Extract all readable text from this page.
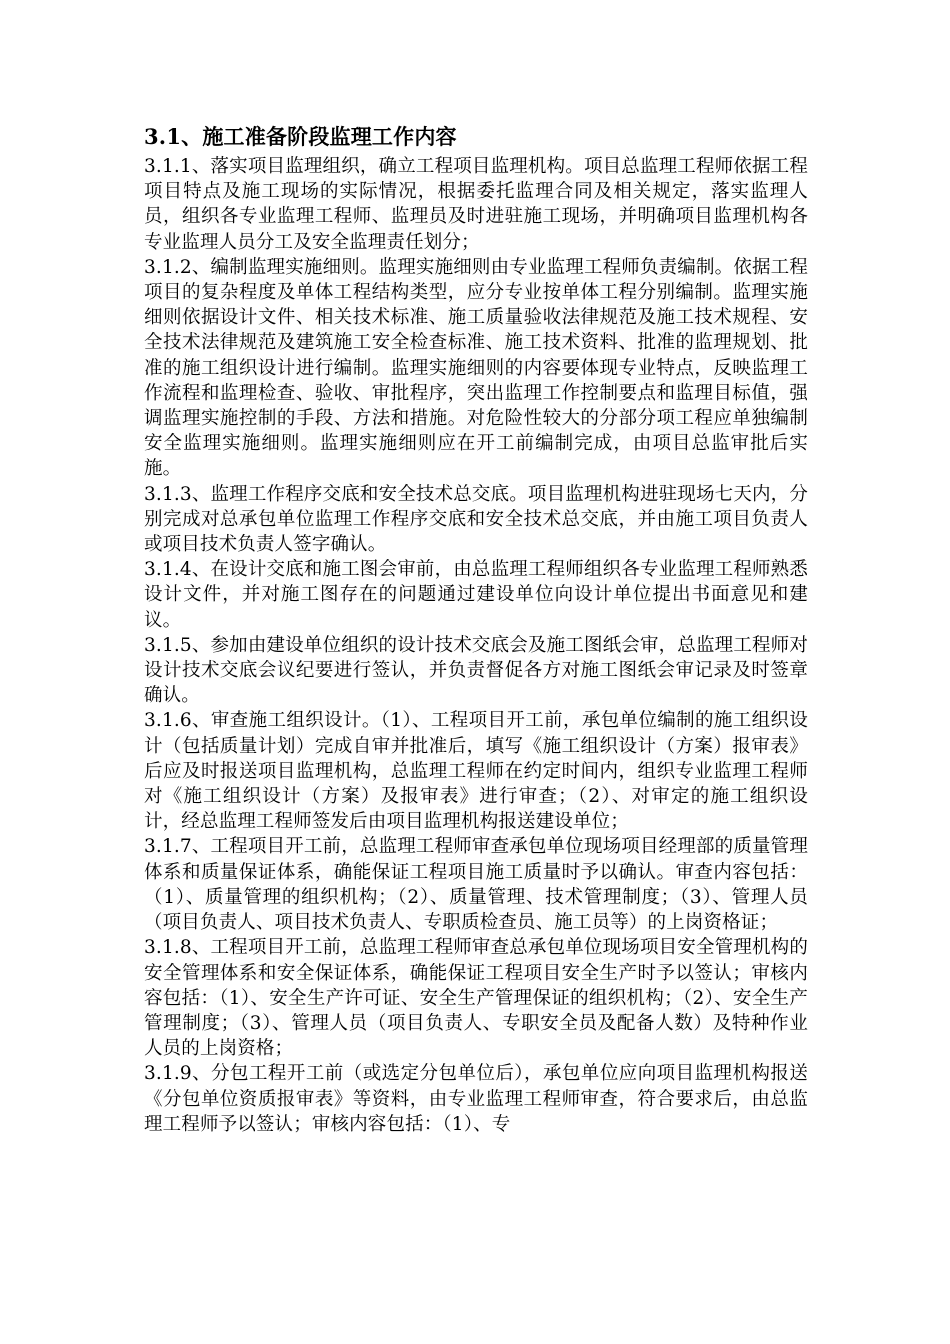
3.1、施工准备阶段监理工作内容

3.1.1、落实项目监理组织，确立工程项目监理机构。项目总监理工程师依据工程项目特点及施工现场的实际情况，根据委托监理合同及相关规定，落实监理人员，组织各专业监理工程师、监理员及时进驻施工现场，并明确项目监理机构各专业监理人员分工及安全监理责任划分；

3.1.2、编制监理实施细则。监理实施细则由专业监理工程师负责编制。依据工程项目的复杂程度及单体工程结构类型，应分专业按单体工程分别编制。监理实施细则依据设计文件、相关技术标准、施工质量验收法律规范及施工技术规程、安全技术法律规范及建筑施工安全检查标准、施工技术资料、批准的监理规划、批准的施工组织设计进行编制。监理实施细则的内容要体现专业特点，反映监理工作流程和监理检查、验收、审批程序，突出监理工作控制要点和监理目标值，强调监理实施控制的手段、方法和措施。对危险性较大的分部分项工程应单独编制安全监理实施细则。监理实施细则应在开工前编制完成，由项目总监审批后实施。

3.1.3、监理工作程序交底和安全技术总交底。项目监理机构进驻现场七天内，分别完成对总承包单位监理工作程序交底和安全技术总交底，并由施工项目负责人或项目技术负责人签字确认。

3.1.4、在设计交底和施工图会审前，由总监理工程师组织各专业监理工程师熟悉设计文件，并对施工图存在的问题通过建设单位向设计单位提出书面意见和建议。

3.1.5、参加由建设单位组织的设计技术交底会及施工图纸会审，总监理工程师对设计技术交底会议纪要进行签认，并负责督促各方对施工图纸会审记录及时签章确认。

3.1.6、审查施工组织设计。（1）、工程项目开工前，承包单位编制的施工组织设计（包括质量计划）完成自审并批准后，填写《施工组织设计（方案）报审表》后应及时报送项目监理机构，总监理工程师在约定时间内，组织专业监理工程师对《施工组织设计（方案）及报审表》进行审查；（2）、对审定的施工组织设计，经总监理工程师签发后由项目监理机构报送建设单位；

3.1.7、工程项目开工前，总监理工程师审查承包单位现场项目经理部的质量管理体系和质量保证体系，确能保证工程项目施工质量时予以确认。审查内容包括：（1）、质量管理的组织机构；（2）、质量管理、技术管理制度；（3）、管理人员（项目负责人、项目技术负责人、专职质检查员、施工员等）的上岗资格证；

3.1.8、工程项目开工前，总监理工程师审查总承包单位现场项目安全管理机构的安全管理体系和安全保证体系，确能保证工程项目安全生产时予以签认；审核内容包括：（1）、安全生产许可证、安全生产管理保证的组织机构；（2）、安全生产管理制度；（3）、管理人员（项目负责人、专职安全员及配备人数）及特种作业人员的上岗资格；

3.1.9、分包工程开工前（或选定分包单位后），承包单位应向项目监理机构报送《分包单位资质报审表》等资料，由专业监理工程师审查，符合要求后，由总监理工程师予以签认；审核内容包括：（1）、专
